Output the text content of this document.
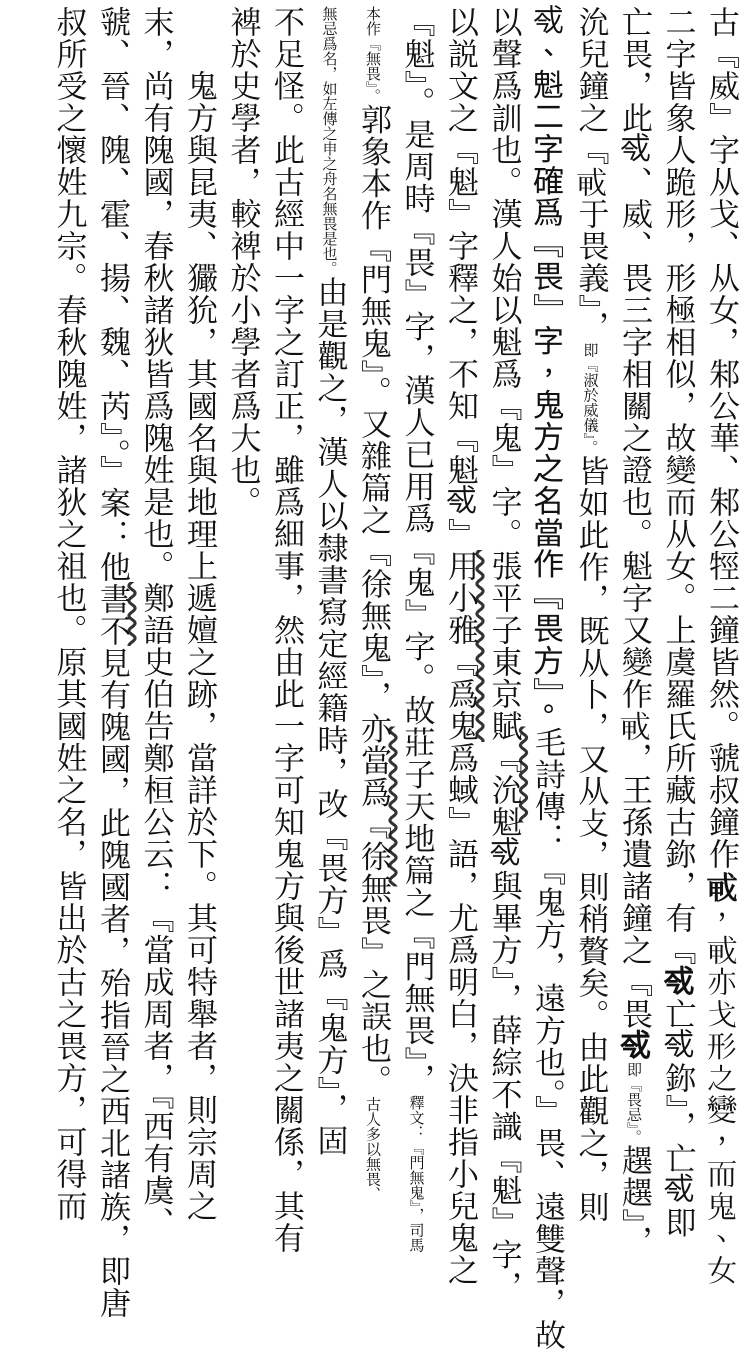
古『威』字从戈、从女，邾公華、邾公牼二鐘皆然。虢叔鐘作𢦦，𢦦亦戈形之變，而鬼、女
二字皆象人跪形，形極相似，故變而从女。上虞羅氏所藏古鉨，有『𢦟亡𢦟鉨』，亡𢦟即
亡畏，此𢦟、威、畏三字相關之證也。魁字又變作𢦦，王孫遺諸鐘之『畏𢦟即『畏忌』。趩趩』，
沇兒鐘之『𢦦于畏義』，即『淑於威儀』。皆如此作，既从卜，又从攴，則稍贅矣。由此觀之，則
𢦟、魁二字確爲『畏』字，鬼方之名當作『畏方』。毛詩傳：『鬼方，遠方也。』畏、遠雙聲，故
以聲爲訓也。漢人始以魁爲『鬼』字。張平子東京賦『沇魁𢦟與畢方』，薛綜不識『魁』字，
以説文之『魁』字釋之，不知『魁𢦟』用小雅『爲鬼爲蜮』語，尤爲明白，決非指小兒鬼之
『魁』。是周時『畏』字，漢人已用爲『鬼』字。故莊子天地篇之『門無畏』，釋文：『門無鬼』，司馬
本作『無畏』。郭象本作『門無鬼』。又雜篇之『徐無鬼』，亦當爲『徐無畏』之誤也。古人多以無畏、
無忌爲名，如左傳之申之舟名無畏是也。由是觀之，漢人以隸書寫定經籍時，改『畏方』爲『鬼方』，固
不足怪。此古經中一字之訂正，雖爲細事，然由此一字可知鬼方與後世諸夷之關係，其有
裨於史學者，較裨於小學者爲大也。
　　鬼方與昆夷、玁狁，其國名與地理上遞嬗之跡，當詳於下。其可特舉者，則宗周之
末，尚有隗國，春秋諸狄皆爲隗姓是也。鄭語史伯告鄭桓公云：『當成周者，『西有虞、
虢、晉、隗、霍、揚、魏、芮』。』案：他書不見有隗國，此隗國者，殆指晉之西北諸族，即唐
叔所受之懷姓九宗。春秋隗姓，諸狄之祖也。原其國姓之名，皆出於古之畏方，可得而
